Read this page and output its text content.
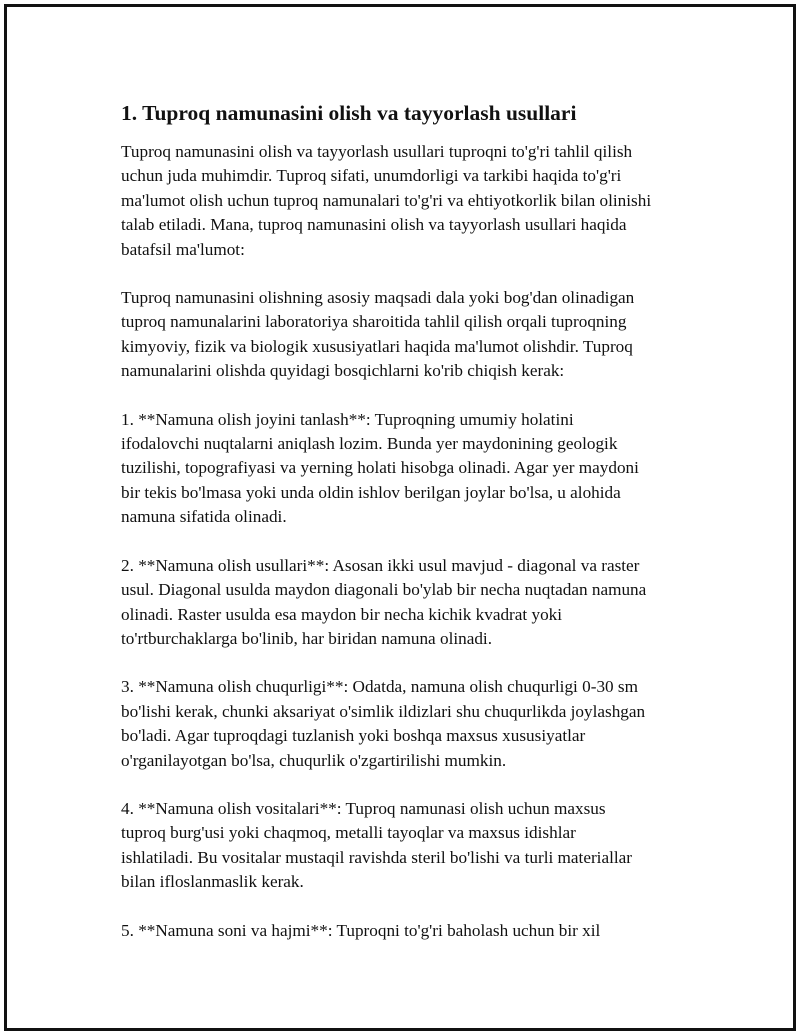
1. Tuproq namunasini olish va tayyorlash usullari

Tuproq namunasini olish va tayyorlash usullari tuproqni to'g'ri tahlil qilish
uchun juda muhimdir. Tuproq sifati, unumdorligi va tarkibi haqida to'g'ri
ma'lumot olish uchun tuproq namunalari to'g'ri va ehtiyotkorlik bilan olinishi
talab etiladi. Mana, tuproq namunasini olish va tayyorlash usullari haqida
batafsil ma'lumot:

Tuproq namunasini olishning asosiy maqsadi dala yoki bog'dan olinadigan
tuproq namunalarini laboratoriya sharoitida tahlil qilish orqali tuproqning
kimyoviy, fizik va biologik xususiyatlari haqida ma'lumot olishdir. Tuproq
namunalarini olishda quyidagi bosqichlarni ko'rib chiqish kerak:

1. **Namuna olish joyini tanlash**: Tuproqning umumiy holatini
ifodalovchi nuqtalarni aniqlash lozim. Bunda yer maydonining geologik
tuzilishi, topografiyasi va yerning holati hisobga olinadi. Agar yer maydoni
bir tekis bo'lmasa yoki unda oldin ishlov berilgan joylar bo'lsa, u alohida
namuna sifatida olinadi.

2. **Namuna olish usullari**: Asosan ikki usul mavjud - diagonal va raster
usul. Diagonal usulda maydon diagonali bo'ylab bir necha nuqtadan namuna
olinadi. Raster usulda esa maydon bir necha kichik kvadrat yoki
to'rtburchaklarga bo'linib, har biridan namuna olinadi.

3. **Namuna olish chuqurligi**: Odatda, namuna olish chuqurligi 0-30 sm
bo'lishi kerak, chunki aksariyat o'simlik ildizlari shu chuqurlikda joylashgan
bo'ladi. Agar tuproqdagi tuzlanish yoki boshqa maxsus xususiyatlar
o'rganilayotgan bo'lsa, chuqurlik o'zgartirilishi mumkin.

4. **Namuna olish vositalari**: Tuproq namunasi olish uchun maxsus
tuproq burg'usi yoki chaqmoq, metalli tayoqlar va maxsus idishlar
ishlatiladi. Bu vositalar mustaqil ravishda steril bo'lishi va turli materiallar
bilan ifloslanmaslik kerak.

5. **Namuna soni va hajmi**: Tuproqni to'g'ri baholash uchun bir xil
